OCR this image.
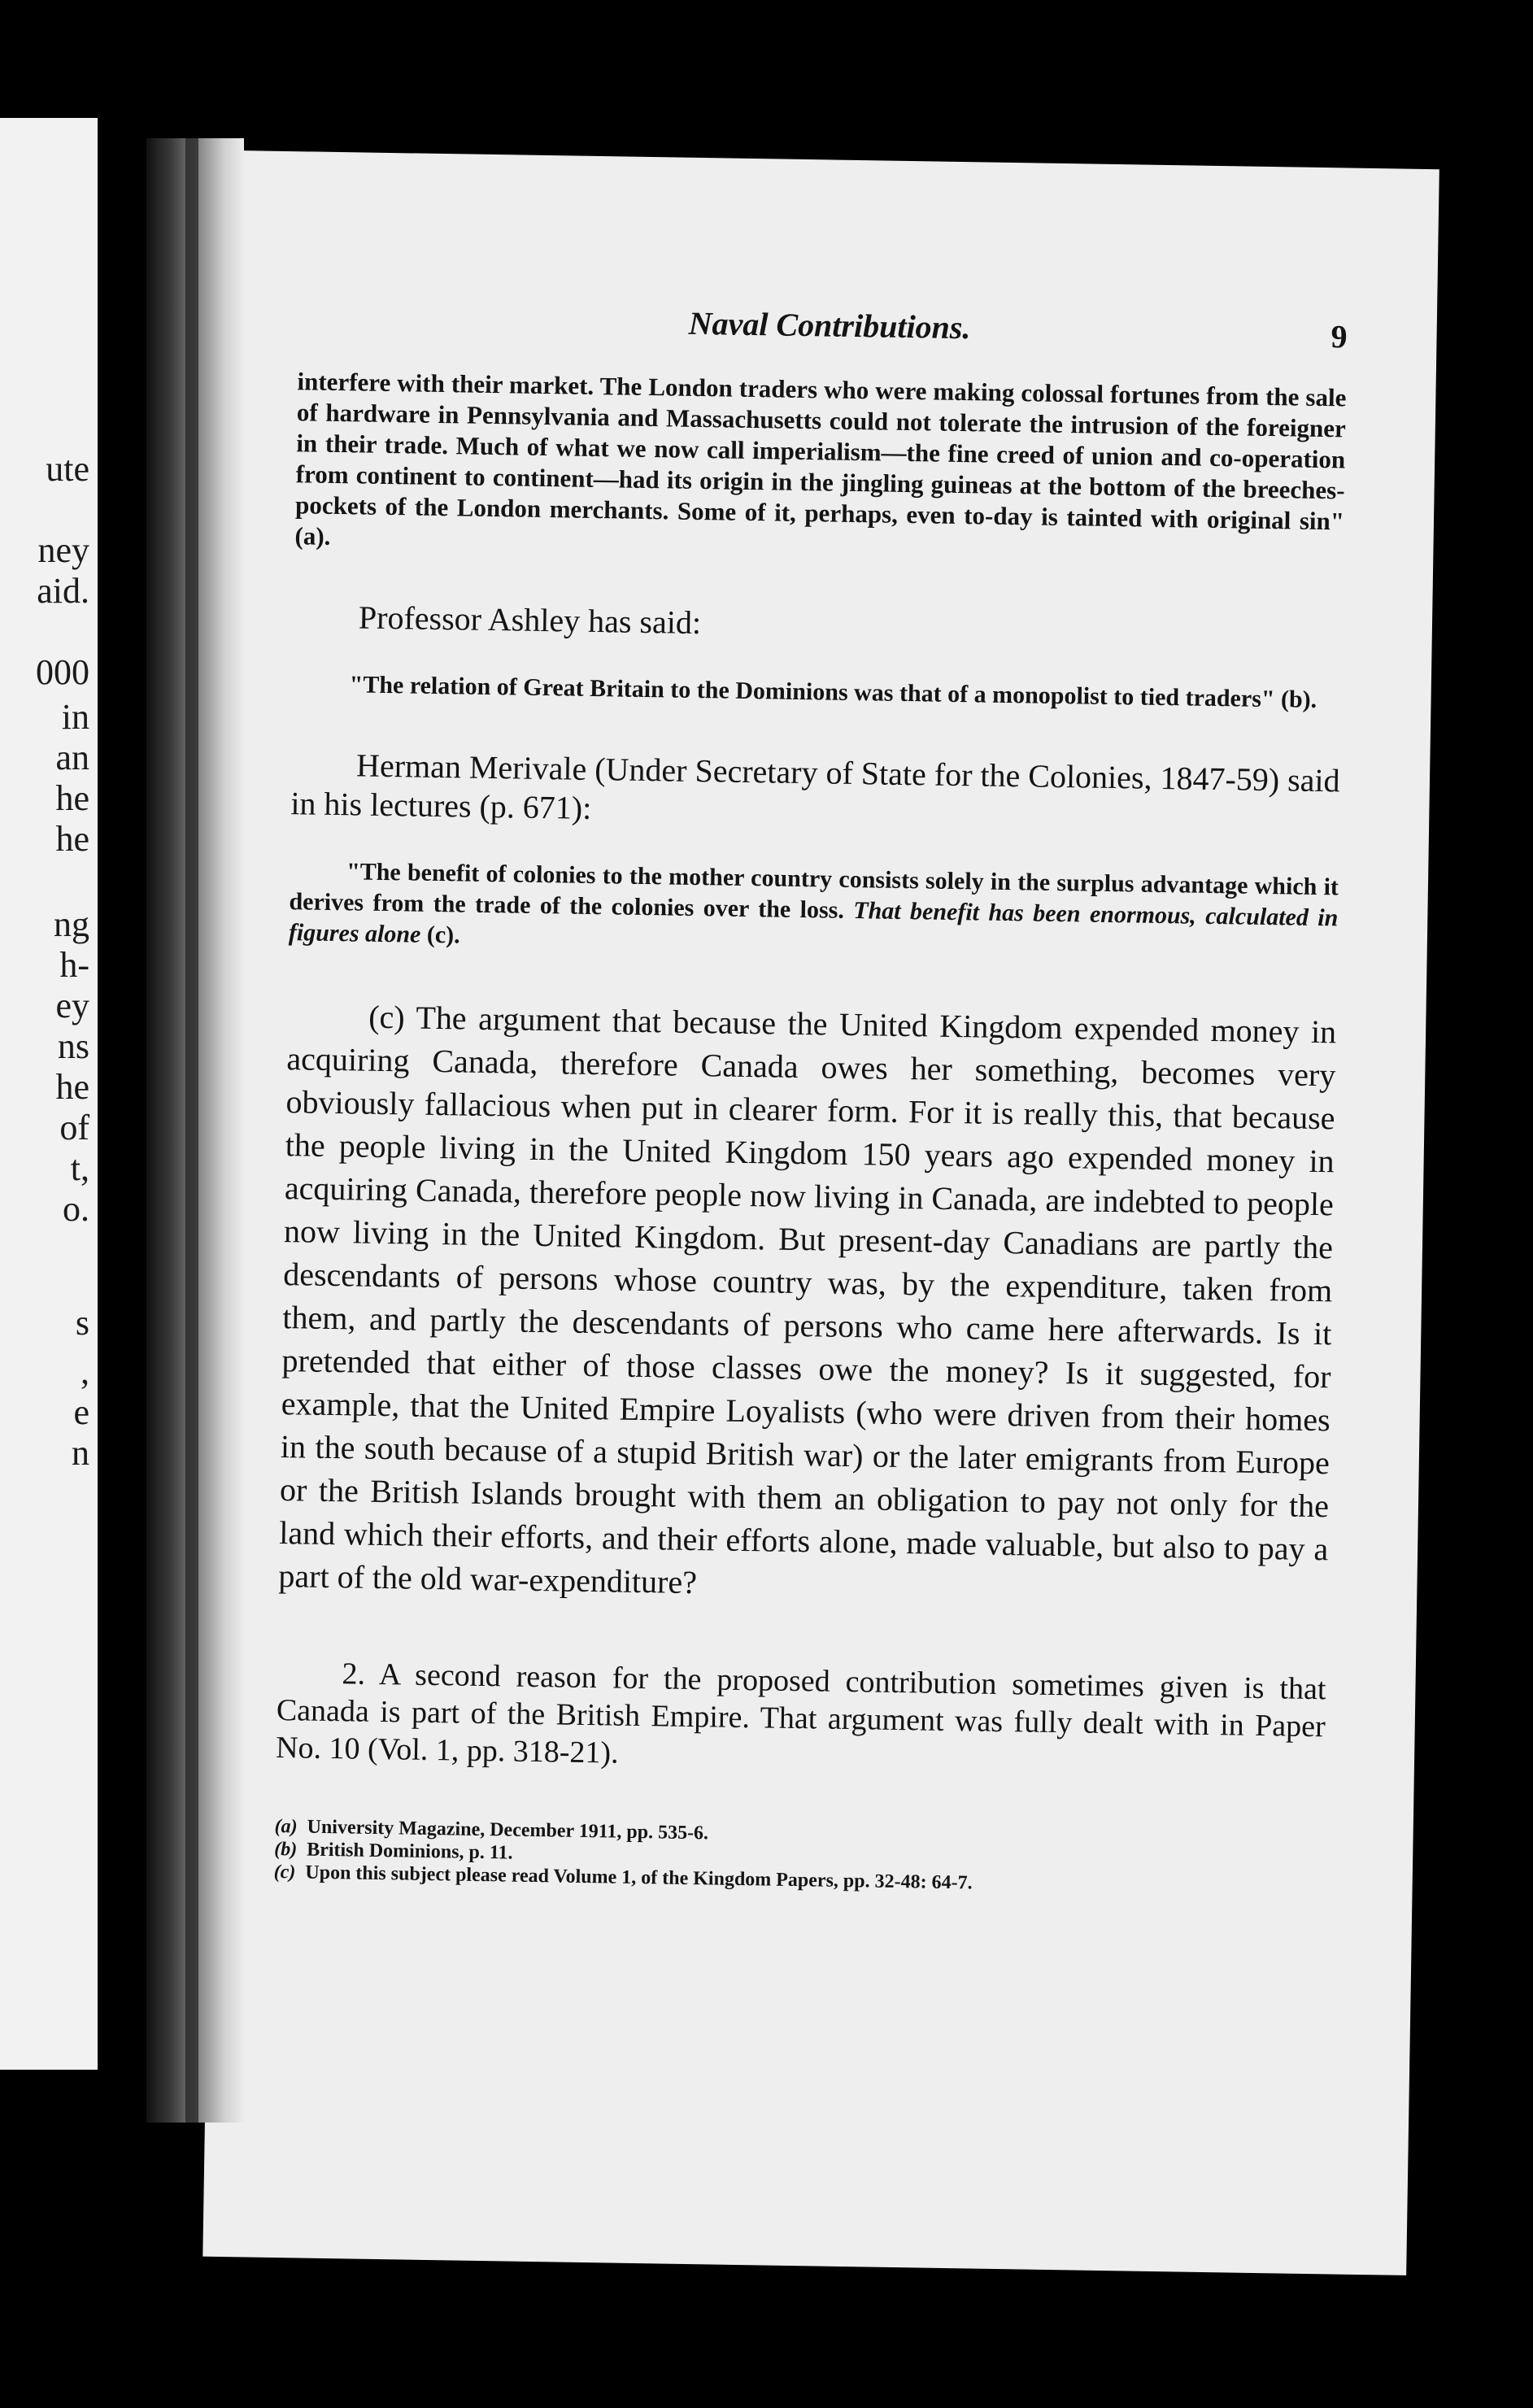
ute
ney
aid.
000
in
an
he
he
ng
h-
ey
ns
he
of
t,
o.
s
,
e
n
Naval Contributions.	9

interfere with their market. The London traders who were making colossal fortunes from the sale of hardware in Pennsylvania and Massachusetts could not tolerate the intrusion of the foreigner in their trade. Much of what we now call imperialism—the fine creed of union and co-operation from continent to continent—had its origin in the jingling guineas at the bottom of the breeches-pockets of the London merchants. Some of it, perhaps, even to-day is tainted with original sin" (a).

Professor Ashley has said:

"The relation of Great Britain to the Dominions was that of a monopolist to tied traders" (b).

Herman Merivale (Under Secretary of State for the Colonies, 1847-59) said in his lectures (p. 671):

"The benefit of colonies to the mother country consists solely in the surplus advantage which it derives from the trade of the colonies over the loss. That benefit has been enormous, calculated in figures alone (c).

(c) The argument that because the United Kingdom expended money in acquiring Canada, therefore Canada owes her something, becomes very obviously fallacious when put in clearer form. For it is really this, that because the people living in the United Kingdom 150 years ago expended money in acquiring Canada, therefore people now living in Canada, are indebted to people now living in the United Kingdom. But present-day Canadians are partly the descendants of persons whose country was, by the expenditure, taken from them, and partly the descendants of persons who came here afterwards. Is it pretended that either of those classes owe the money? Is it suggested, for example, that the United Empire Loyalists (who were driven from their homes in the south because of a stupid British war) or the later emigrants from Europe or the British Islands brought with them an obligation to pay not only for the land which their efforts, and their efforts alone, made valuable, but also to pay a part of the old war-expenditure?

2. A second reason for the proposed contribution sometimes given is that Canada is part of the British Empire. That argument was fully dealt with in Paper No. 10 (Vol. 1, pp. 318-21).

(a) University Magazine, December 1911, pp. 535-6.

(b) British Dominions, p. 11.

(c) Upon this subject please read Volume 1, of the Kingdom Papers, pp. 32-48: 64-7.
